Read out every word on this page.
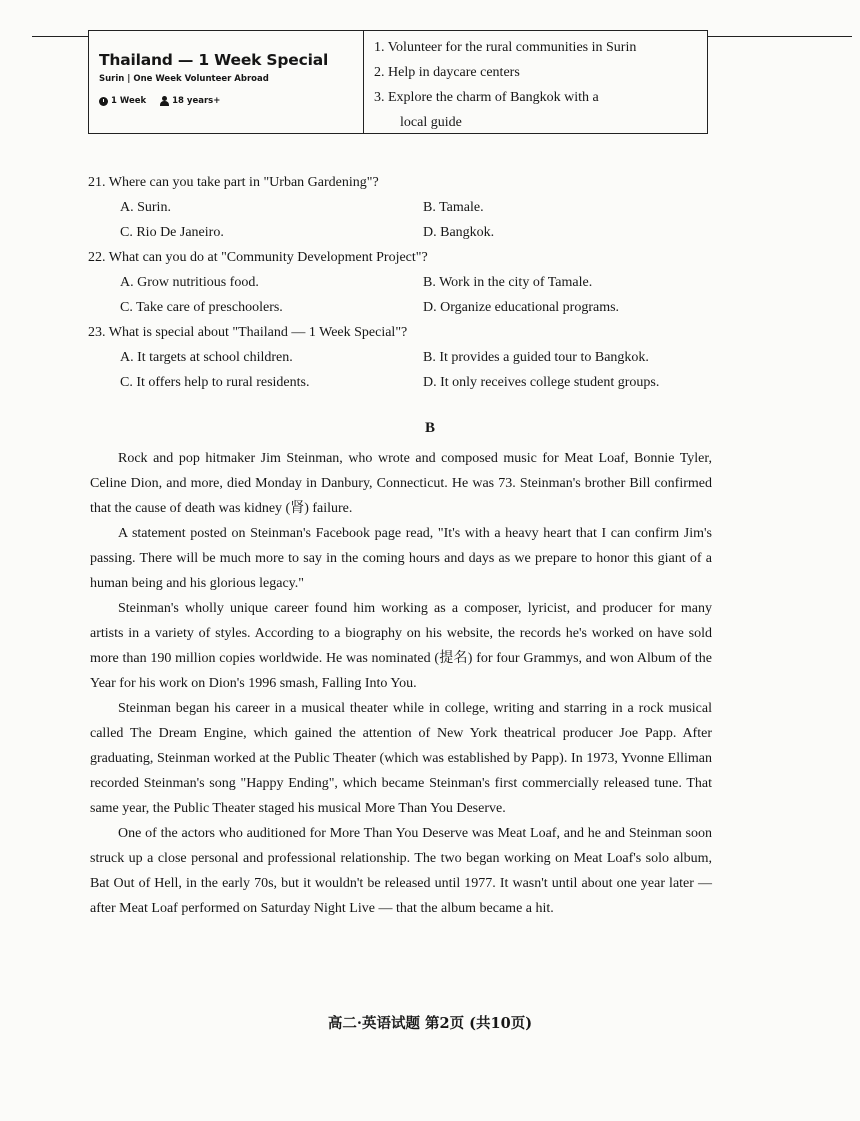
Thailand — 1 Week Special
Surin | One Week Volunteer Abroad
1 Week	18 years+
1. Volunteer for the rural communities in Surin
2. Help in daycare centers
3. Explore the charm of Bangkok with a
local guide
21. Where can you take part in "Urban Gardening"?
A. Surin.	B. Tamale.
C. Rio De Janeiro.	D. Bangkok.
22. What can you do at "Community Development Project"?
A. Grow nutritious food.	B. Work in the city of Tamale.
C. Take care of preschoolers.	D. Organize educational programs.
23. What is special about "Thailand — 1 Week Special"?
A. It targets at school children.	B. It provides a guided tour to Bangkok.
C. It offers help to rural residents.	D. It only receives college student groups.
B

Rock and pop hitmaker Jim Steinman, who wrote and composed music for Meat Loaf, Bonnie Tyler, Celine Dion, and more, died Monday in Danbury, Connecticut. He was 73. Steinman's brother Bill confirmed that the cause of death was kidney (肾) failure.

A statement posted on Steinman's Facebook page read, "It's with a heavy heart that I can confirm Jim's passing. There will be much more to say in the coming hours and days as we prepare to honor this giant of a human being and his glorious legacy."

Steinman's wholly unique career found him working as a composer, lyricist, and producer for many artists in a variety of styles. According to a biography on his website, the records he's worked on have sold more than 190 million copies worldwide. He was nominated (提名) for four Grammys, and won Album of the Year for his work on Dion's 1996 smash, Falling Into You.

Steinman began his career in a musical theater while in college, writing and starring in a rock musical called The Dream Engine, which gained the attention of New York theatrical producer Joe Papp. After graduating, Steinman worked at the Public Theater (which was established by Papp). In 1973, Yvonne Elliman recorded Steinman's song "Happy Ending", which became Steinman's first commercially released tune. That same year, the Public Theater staged his musical More Than You Deserve.

One of the actors who auditioned for More Than You Deserve was Meat Loaf, and he and Steinman soon struck up a close personal and professional relationship. The two began working on Meat Loaf's solo album, Bat Out of Hell, in the early 70s, but it wouldn't be released until 1977. It wasn't until about one year later — after Meat Loaf performed on Saturday Night Live — that the album became a hit.

高二·英语试题 第2页 (共10页)
